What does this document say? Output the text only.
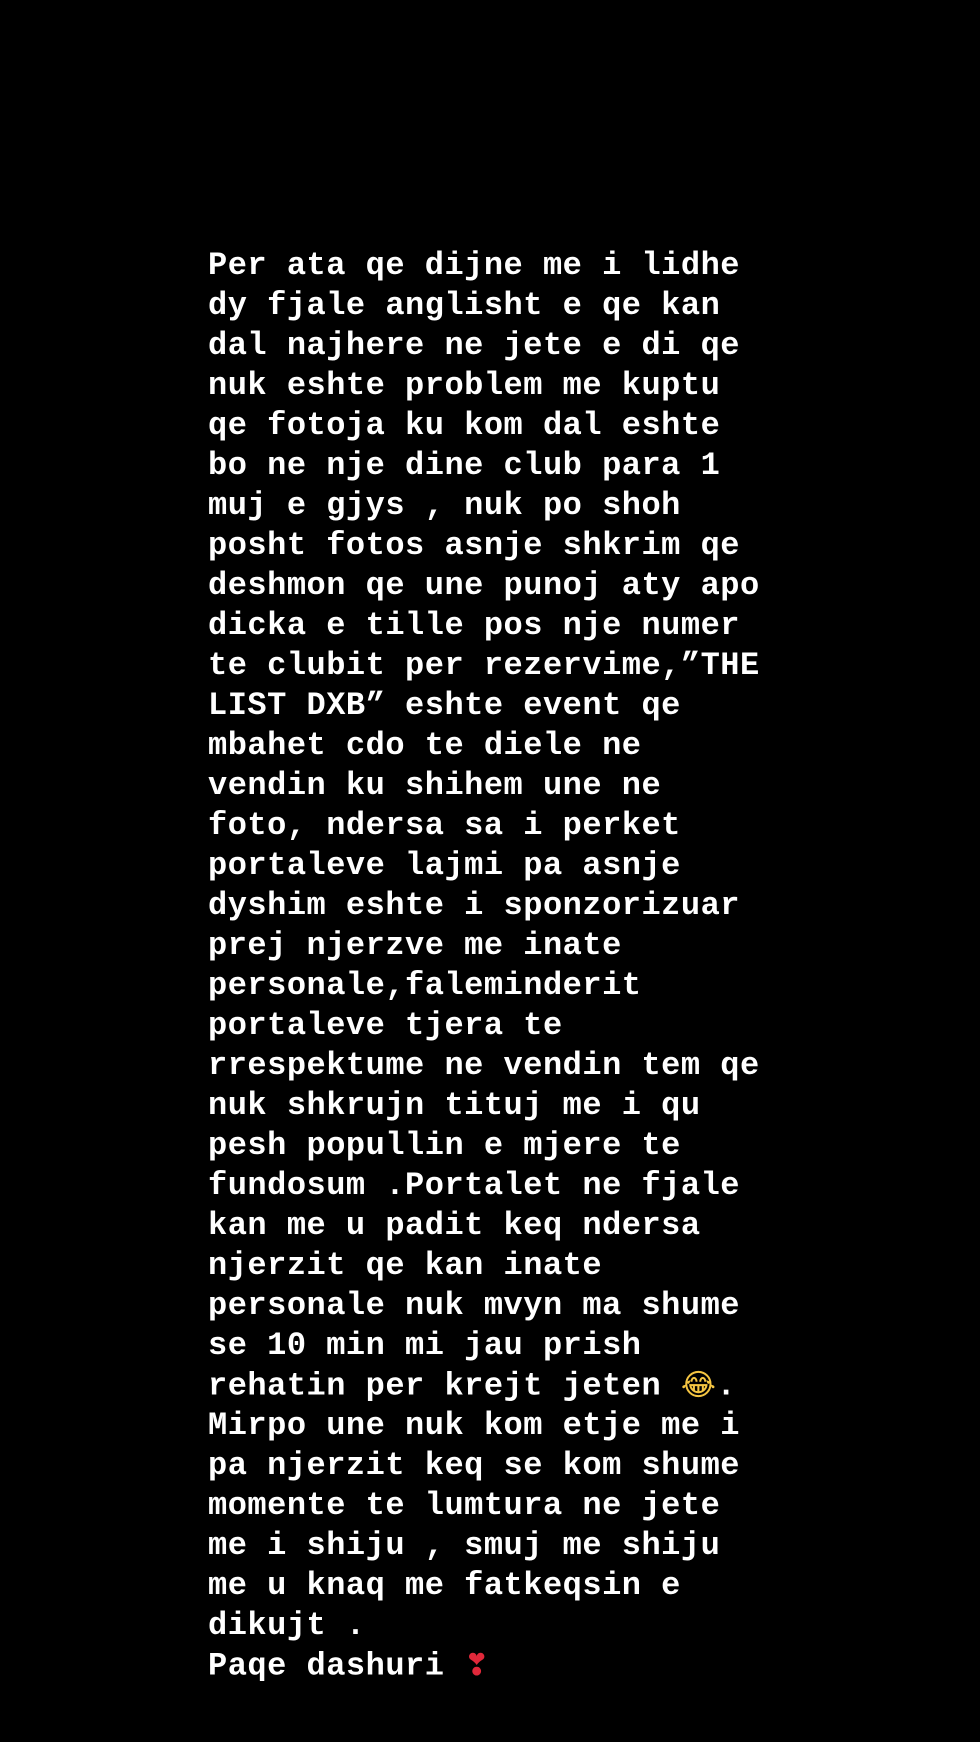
Per ata qe dijne me i lidhe
dy fjale anglisht e qe kan
dal najhere ne jete e di qe
nuk eshte problem me kuptu
qe fotoja ku kom dal eshte
bo ne nje dine club para 1
muj e gjys , nuk po shoh
posht fotos asnje shkrim qe
deshmon qe une punoj aty apo
dicka e tille pos nje numer
te clubit per rezervime,”THE
LIST DXB” eshte event qe
mbahet cdo te diele ne
vendin ku shihem une ne
foto, ndersa sa i perket
portaleve lajmi pa asnje
dyshim eshte i sponzorizuar
prej njerzve me inate
personale,faleminderit
portaleve tjera te
rrespektume ne vendin tem qe
nuk shkrujn tituj me i qu
pesh popullin e mjere te
fundosum .Portalet ne fjale
kan me u padit keq ndersa
njerzit qe kan inate
personale nuk mvyn ma shume
se 10 min mi jau prish
rehatin per krejt jeten 😂.
Mirpo une nuk kom etje me i
pa njerzit keq se kom shume
momente te lumtura ne jete
me i shiju , smuj me shiju
me u knaq me fatkeqsin e
dikujt .
Paqe dashuri ❣
